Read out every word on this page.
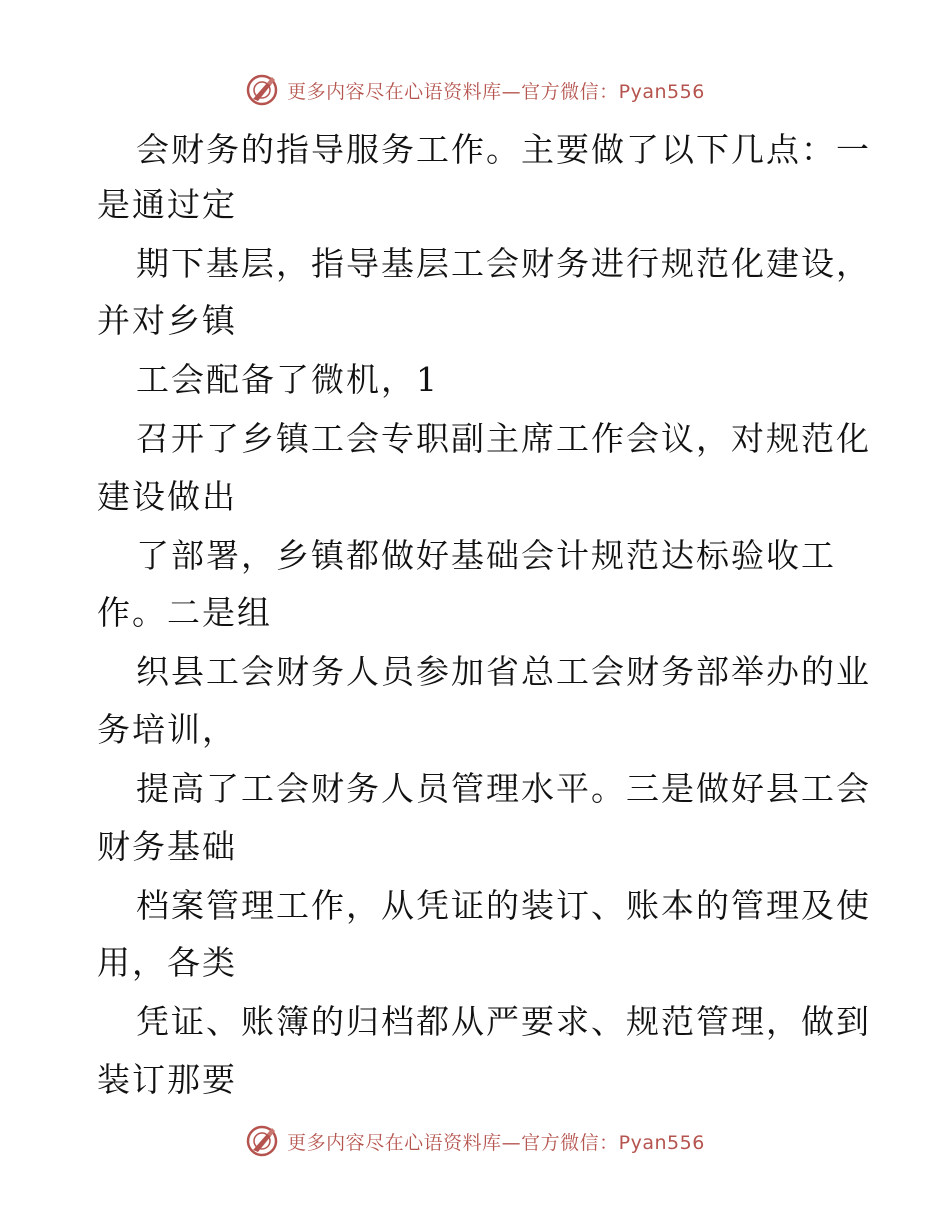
更多内容尽在心语资料库—官方微信：Pyan556
会财务的指导服务工作。主要做了以下几点：一
是通过定
期下基层，指导基层工会财务进行规范化建设，
并对乡镇
工会配备了微机，1
召开了乡镇工会专职副主席工作会议，对规范化
建设做出
了部署，乡镇都做好基础会计规范达标验收工
作。二是组
织县工会财务人员参加省总工会财务部举办的业
务培训，
提高了工会财务人员管理水平。三是做好县工会
财务基础
档案管理工作，从凭证的装订、账本的管理及使
用，各类
凭证、账簿的归档都从严要求、规范管理，做到
装订那要
更多内容尽在心语资料库—官方微信：Pyan556
